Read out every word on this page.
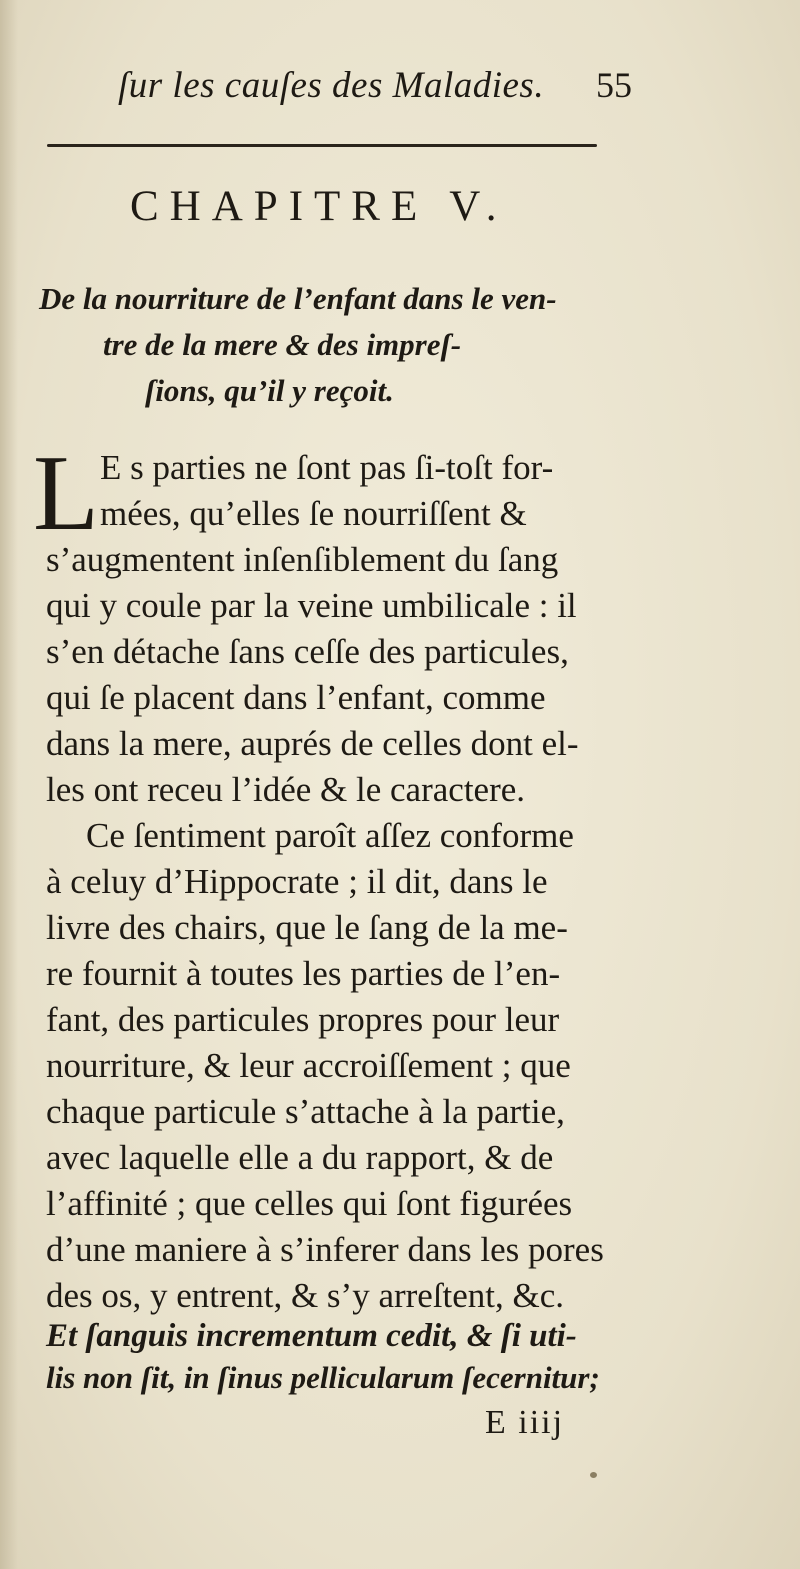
ſur les cauſes des Maladies. 55
CHAPITRE V.
De la nourriture de l’enfant dans le ven-
tre de la mere & des impreſ-
ſions, qu’il y reçoit.
L E s parties ne ſont pas ſi-toſt for-
mées, qu’elles ſe nourriſſent &
s’augmentent inſenſiblement du ſang
qui y coule par la veine umbilicale : il
s’en détache ſans ceſſe des particules,
qui ſe placent dans l’enfant, comme
dans la mere, auprés de celles dont el-
les ont receu l’idée & le caractere.
Ce ſentiment paroît aſſez conforme
à celuy d’Hippocrate ; il dit, dans le
livre des chairs, que le ſang de la me-
re fournit à toutes les parties de l’en-
fant, des particules propres pour leur
nourriture, & leur accroiſſement ; que
chaque particule s’attache à la partie,
avec laquelle elle a du rapport, & de
l’affinité ; que celles qui ſont figurées
d’une maniere à s’inferer dans les pores
des os, y entrent, & s’y arreſtent, &c.
Et ſanguis incrementum cedit, & ſi uti-
lis non ſit, in ſinus pellicularum ſecernitur;
E iiij
